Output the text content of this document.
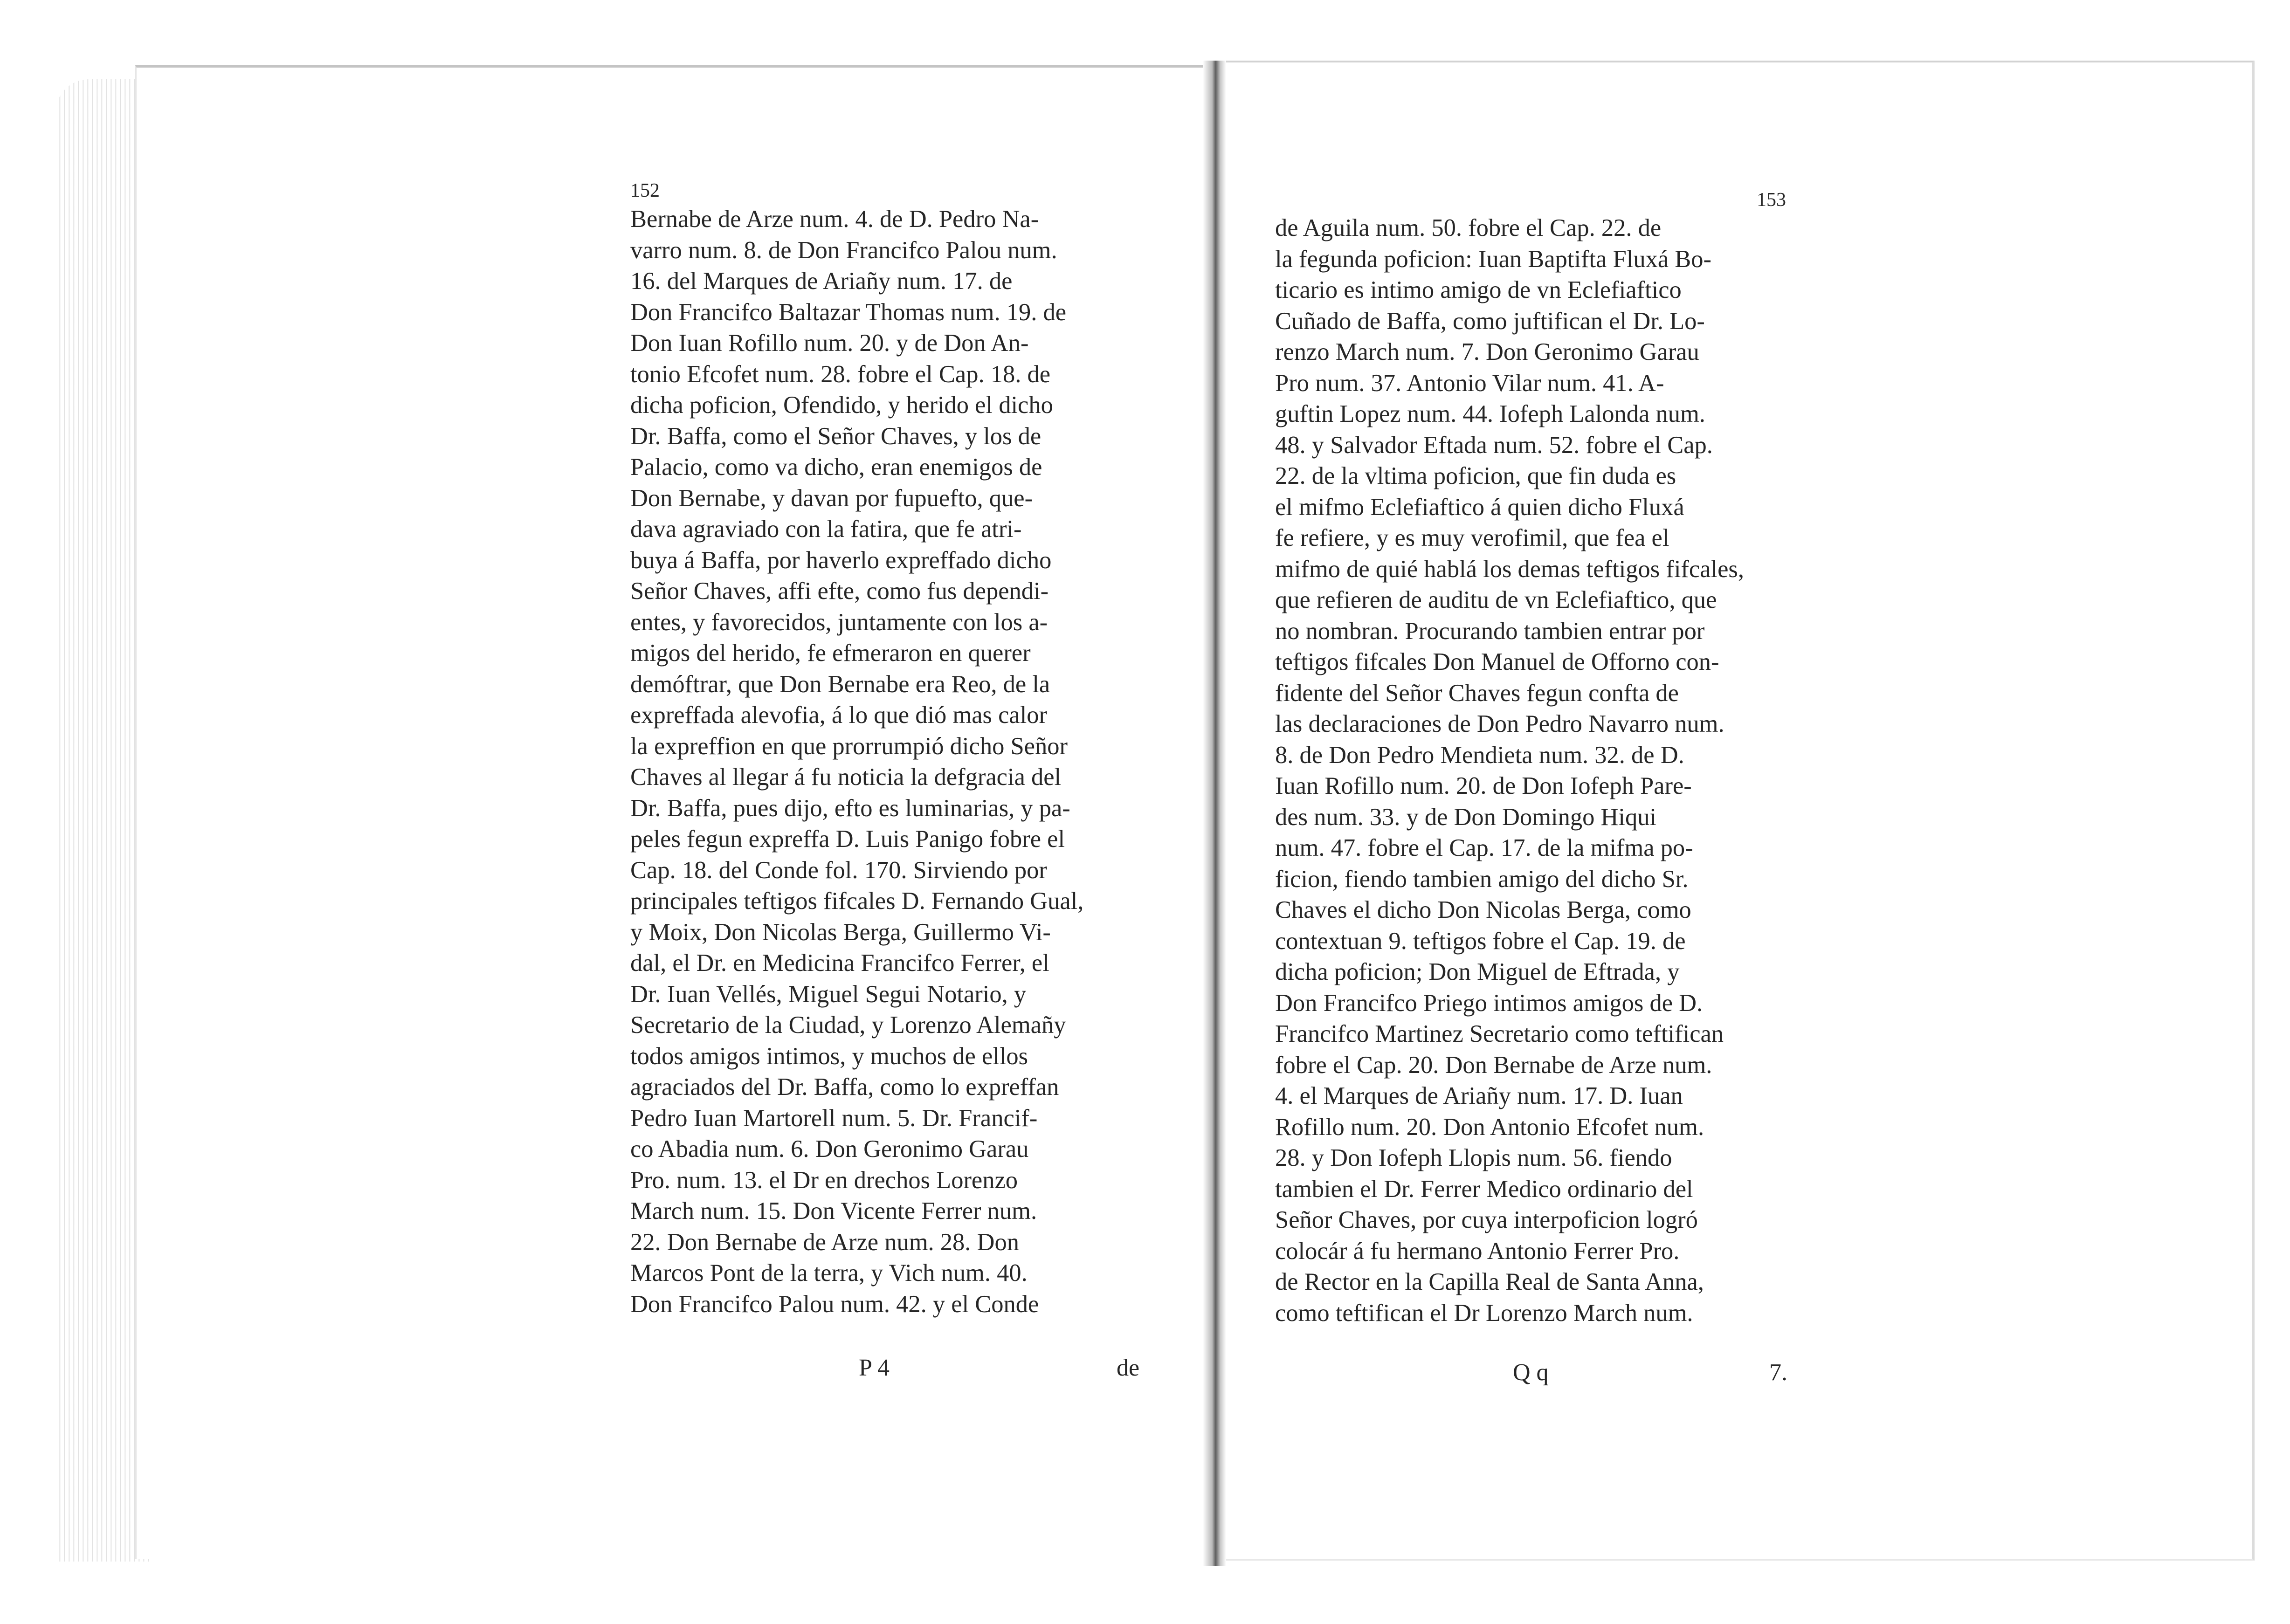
152
Bernabe de Arze num. 4. de D. Pedro Na-
varro num. 8. de Don Francifco Palou num.
16. del Marques de Ariañy num. 17. de
Don Francifco Baltazar Thomas num. 19. de
Don Iuan Rofillo num. 20. y de Don An-
tonio Efcofet num. 28. fobre el Cap. 18. de
dicha poficion, Ofendido, y herido el dicho
Dr. Baffa, como el Señor Chaves, y los de
Palacio, como va dicho, eran enemigos de
Don Bernabe, y davan por fupuefto, que-
dava agraviado con la fatira, que fe atri-
buya á Baffa, por haverlo expreffado dicho
Señor Chaves, affi efte, como fus dependi-
entes, y favorecidos, juntamente con los a-
migos del herido, fe efmeraron en querer
demóftrar, que Don Bernabe era Reo, de la
expreffada alevofia, á lo que dió mas calor
la expreffion en que prorrumpió dicho Señor
Chaves al llegar á fu noticia la defgracia del
Dr. Baffa, pues dijo, efto es luminarias, y pa-
peles fegun expreffa D. Luis Panigo fobre el
Cap. 18. del Conde fol. 170. Sirviendo por
principales teftigos fifcales D. Fernando Gual,
y Moix, Don Nicolas Berga, Guillermo Vi-
dal, el Dr. en Medicina Francifco Ferrer, el
Dr. Iuan Vellés, Miguel Segui Notario, y
Secretario de la Ciudad, y Lorenzo Alemañy
todos amigos intimos, y muchos de ellos
agraciados del Dr. Baffa, como lo expreffan
Pedro Iuan Martorell num. 5. Dr. Francif-
co Abadia num. 6. Don Geronimo Garau
Pro. num. 13. el Dr en drechos Lorenzo
March num. 15. Don Vicente Ferrer num.
22. Don Bernabe de Arze num. 28. Don
Marcos Pont de la terra, y Vich num. 40.
Don Francifco Palou num. 42. y el Conde
P 4	de
153
de Aguila num. 50. fobre el Cap. 22. de
la fegunda poficion: Iuan Baptifta Fluxá Bo-
ticario es intimo amigo de vn Eclefiaftico
Cuñado de Baffa, como juftifican el Dr. Lo-
renzo March num. 7. Don Geronimo Garau
Pro num. 37. Antonio Vilar num. 41. A-
guftin Lopez num. 44. Iofeph Lalonda num.
48. y Salvador Eftada num. 52. fobre el Cap.
22. de la vltima poficion, que fin duda es
el mifmo Eclefiaftico á quien dicho Fluxá
fe refiere, y es muy verofimil, que fea el
mifmo de quié hablá los demas teftigos fifcales,
que refieren de auditu de vn Eclefiaftico, que
no nombran. Procurando tambien entrar por
teftigos fifcales Don Manuel de Offorno con-
fidente del Señor Chaves fegun confta de
las declaraciones de Don Pedro Navarro num.
8. de Don Pedro Mendieta num. 32. de D.
Iuan Rofillo num. 20. de Don Iofeph Pare-
des num. 33. y de Don Domingo Hiqui
num. 47. fobre el Cap. 17. de la mifma po-
ficion, fiendo tambien amigo del dicho Sr.
Chaves el dicho Don Nicolas Berga, como
contextuan 9. teftigos fobre el Cap. 19. de
dicha poficion; Don Miguel de Eftrada, y
Don Francifco Priego intimos amigos de D.
Francifco Martinez Secretario como teftifican
fobre el Cap. 20. Don Bernabe de Arze num.
4. el Marques de Ariañy num. 17. D. Iuan
Rofillo num. 20. Don Antonio Efcofet num.
28. y Don Iofeph Llopis num. 56. fiendo
tambien el Dr. Ferrer Medico ordinario del
Señor Chaves, por cuya interpoficion logró
colocár á fu hermano Antonio Ferrer Pro.
de Rector en la Capilla Real de Santa Anna,
como teftifican el Dr Lorenzo March num.
Q q	7.
